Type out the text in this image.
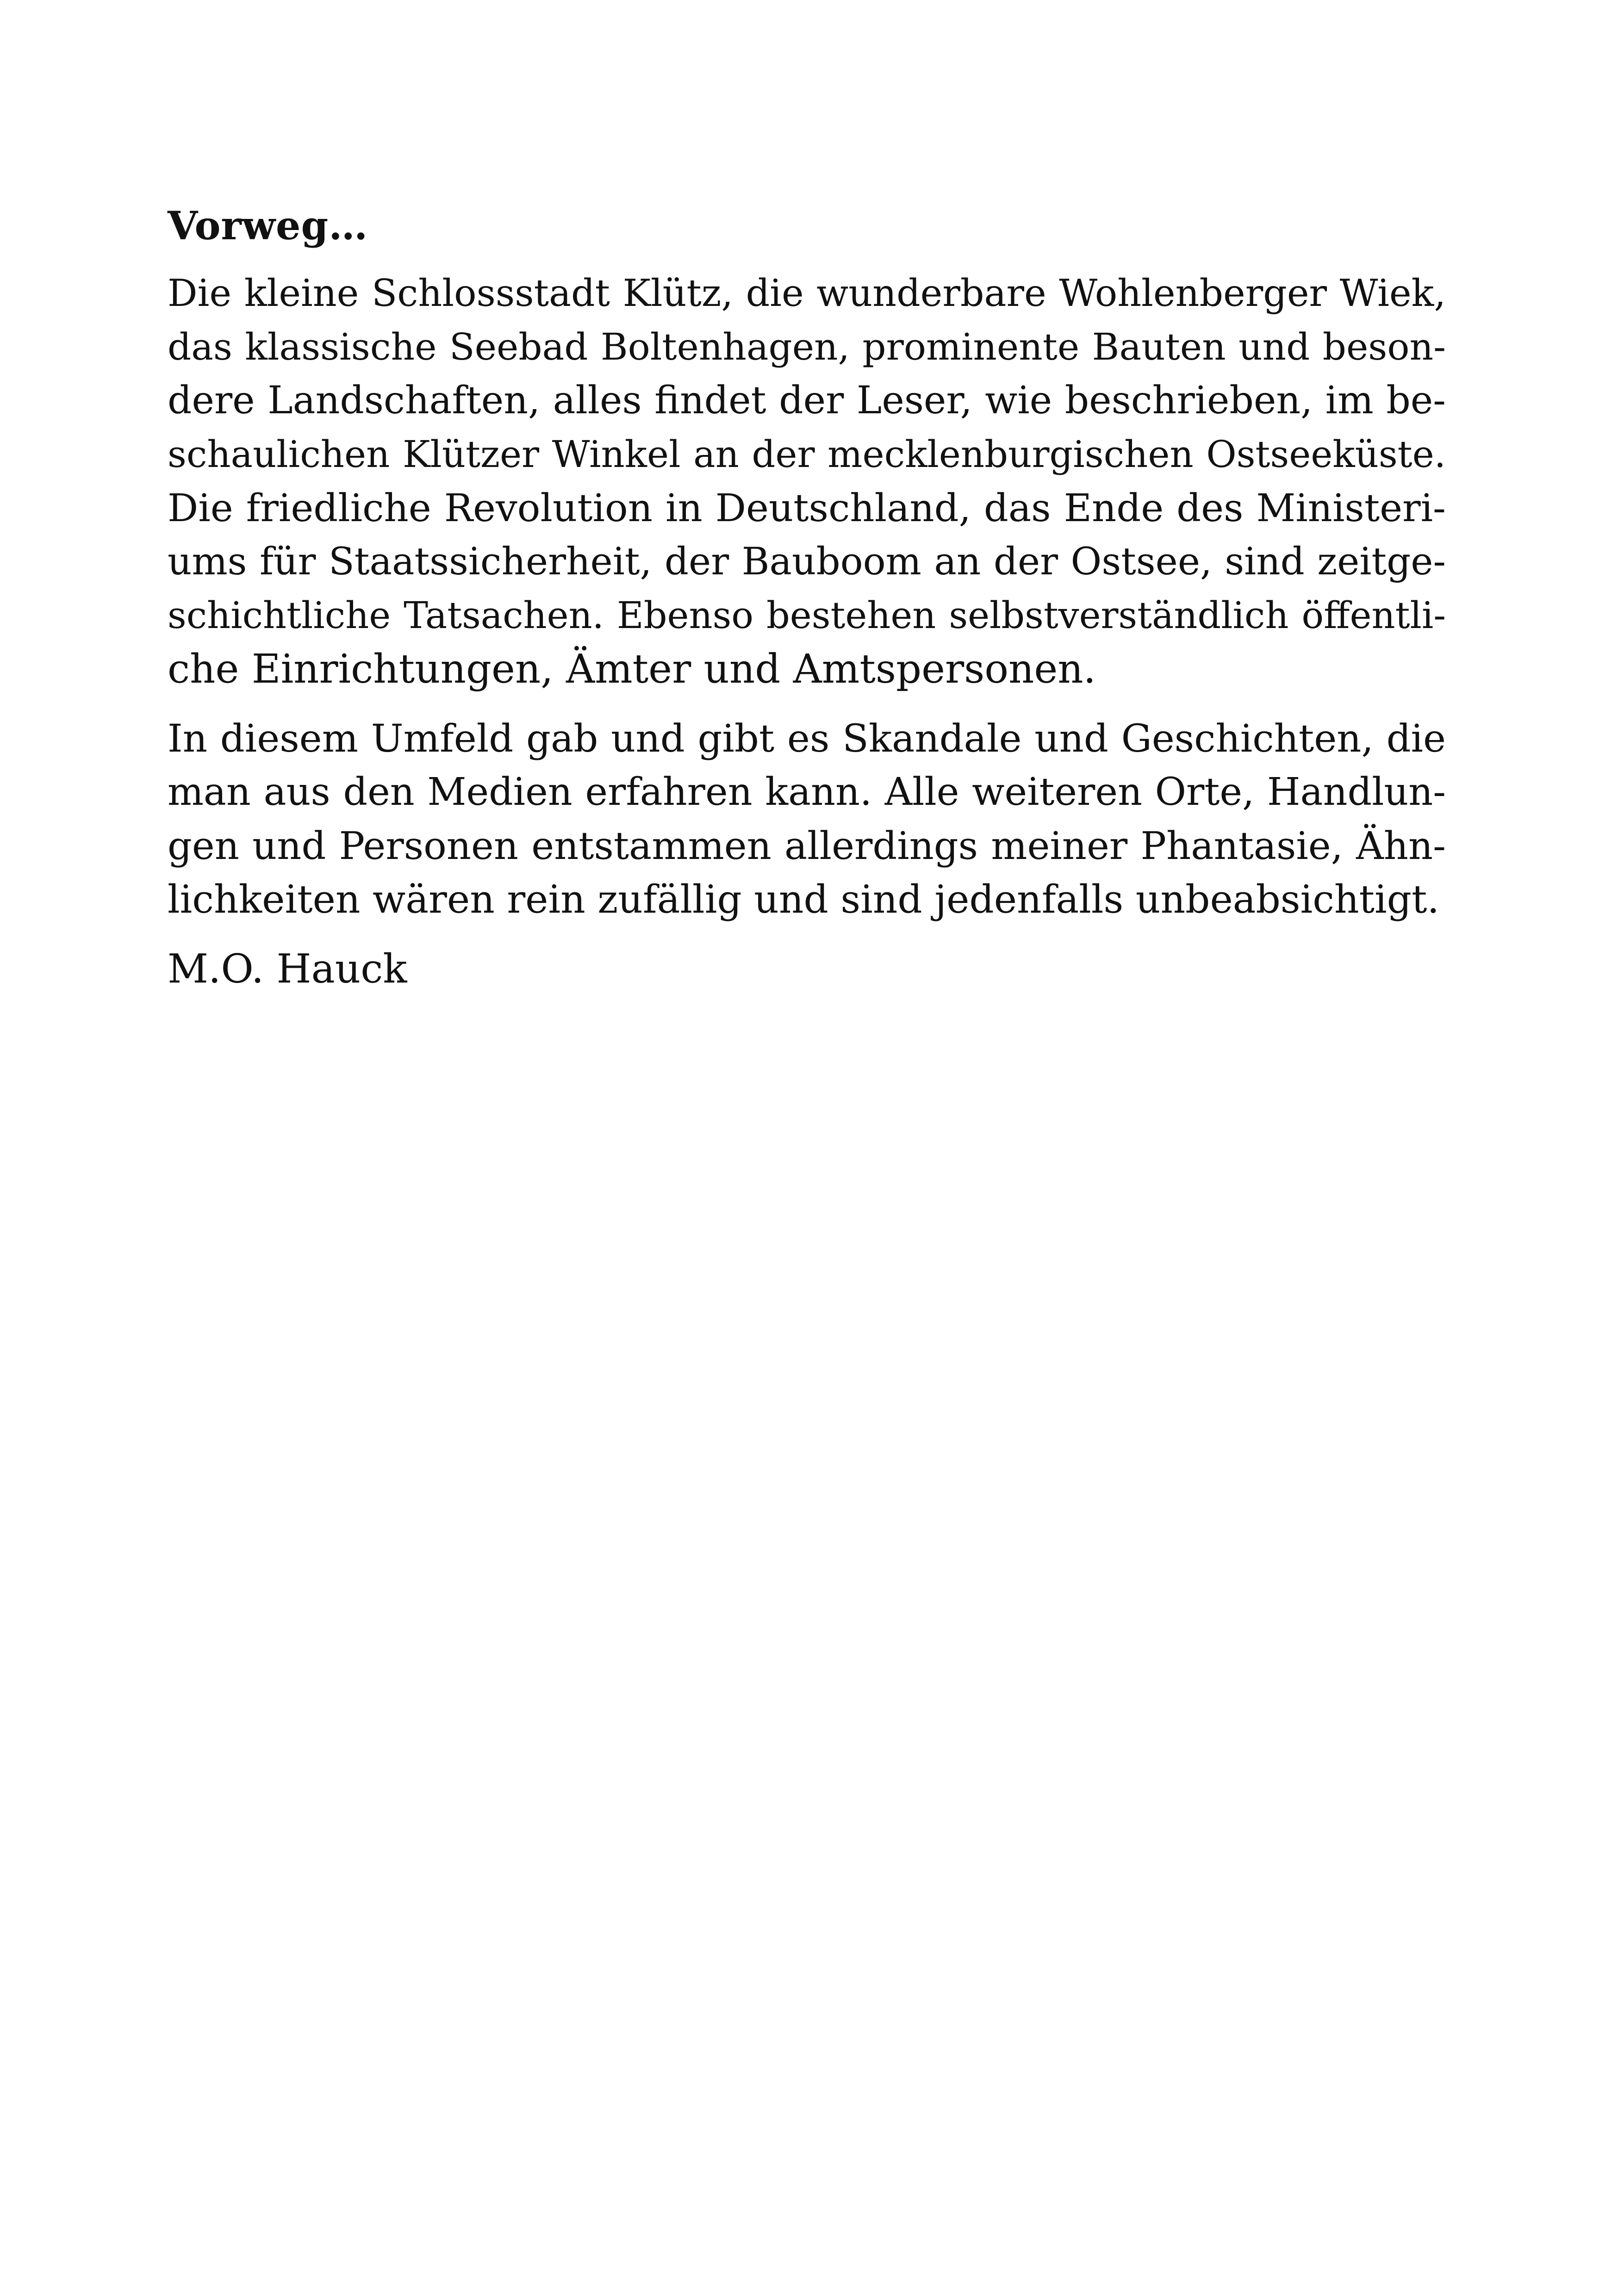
Vorweg…
Die kleine Schlossstadt Klütz, die wunderbare Wohlenberger Wiek,
das klassische Seebad Boltenhagen, prominente Bauten und beson-
dere Landschaften, alles findet der Leser, wie beschrieben, im be-
schaulichen Klützer Winkel an der mecklenburgischen Ostseeküste.
Die friedliche Revolution in Deutschland, das Ende des Ministeri-
ums für Staatssicherheit, der Bauboom an der Ostsee, sind zeitge-
schichtliche Tatsachen. Ebenso bestehen selbstverständlich öffentli-
che Einrichtungen, Ämter und Amtspersonen.
In diesem Umfeld gab und gibt es Skandale und Geschichten, die
man aus den Medien erfahren kann. Alle weiteren Orte, Handlun-
gen und Personen entstammen allerdings meiner Phantasie, Ähn-
lichkeiten wären rein zufällig und sind jedenfalls unbeabsichtigt.
M.O. Hauck
